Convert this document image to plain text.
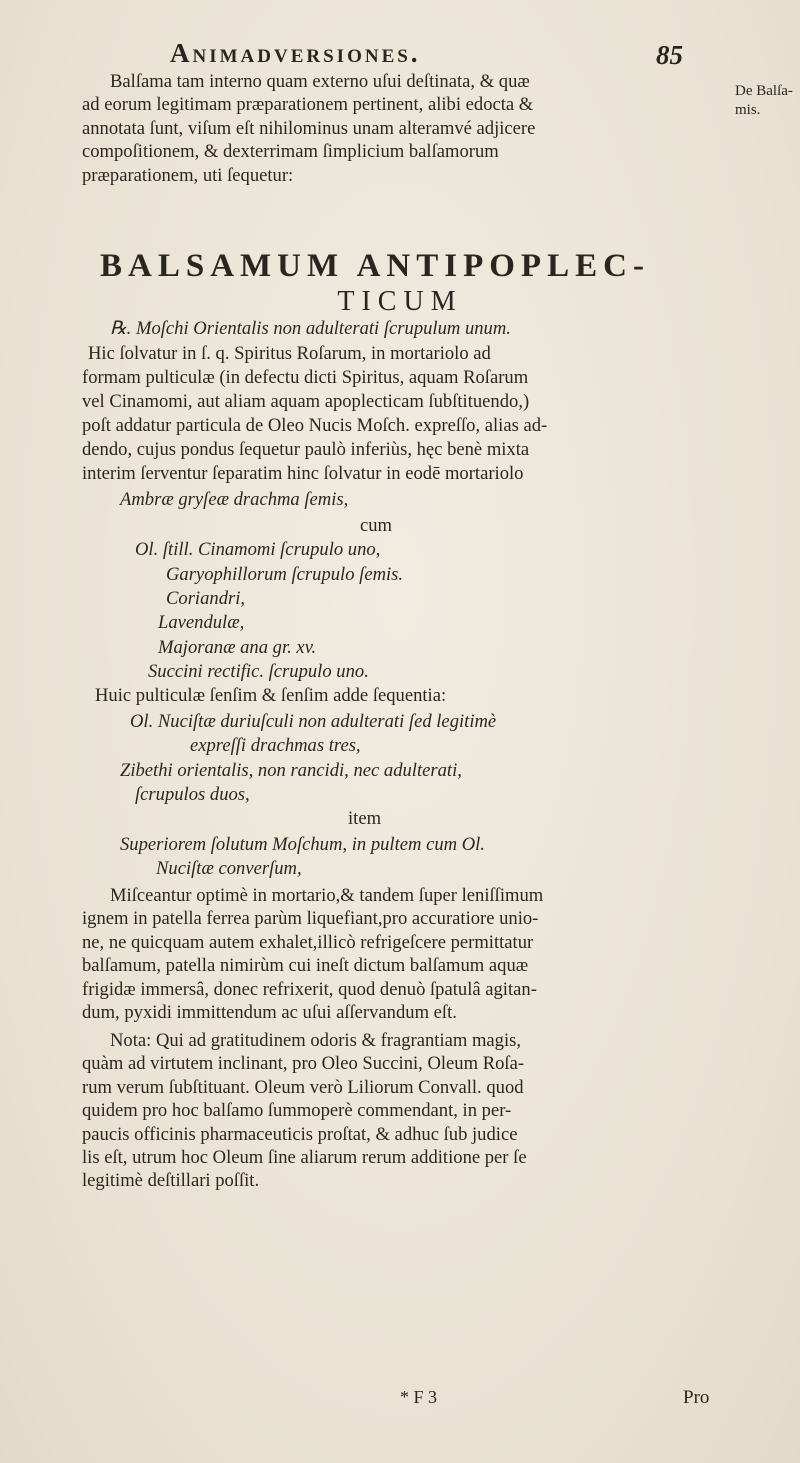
Animadversiones.	85
De Balſa-
mis.
Balſama tam interno quam externo uſui deſtinata, & quæ
ad eorum legitimam præparationem pertinent, alibi edocta &
annotata ſunt, viſum eſt nihilominus unam alteramvé adjicere
compoſitionem, & dexterrimam ſimplicium balſamorum
præparationem, uti ſequetur:
BALSAMUM ANTIPOPLEC-
TICUM
℞. Moſchi Orientalis non adulterati ſcrupulum unum.
Hic ſolvatur in ſ. q. Spiritus Roſarum, in mortariolo ad
formam pulticulæ (in defectu dicti Spiritus, aquam Roſarum
vel Cinamomi, aut aliam aquam apoplecticam ſubſtituendo,)
poſt addatur particula de Oleo Nucis Moſch. expreſſo, alias ad-
dendo, cujus pondus ſequetur paulò inferiùs, hęc benè mixta
interim ſerventur ſeparatim hinc ſolvatur in eodē mortariolo
Ambræ gryſeæ drachma ſemis,
cum
Ol. ſtill. Cinamomi ſcrupulo uno,
Garyophillorum ſcrupulo ſemis.
Coriandri,
Lavendulæ,
Majoranæ ana gr. xv.
Succini rectific. ſcrupulo uno.
Huic pulticulæ ſenſim & ſenſim adde ſequentia:
Ol. Nuciſtæ duriuſculi non adulterati ſed legitimè
expreſſi drachmas tres,
Zibethi orientalis, non rancidi, nec adulterati,
ſcrupulos duos,
item
Superiorem ſolutum Moſchum, in pultem cum Ol.
Nuciſtæ converſum,
Miſceantur optimè in mortario,& tandem ſuper leniſſimum
ignem in patella ferrea parùm liquefiant,pro accuratiore unio-
ne, ne quicquam autem exhalet,illicò refrigeſcere permittatur
balſamum, patella nimirùm cui ineſt dictum balſamum aquæ
frigidæ immersâ, donec refrixerit, quod denuò ſpatulâ agitan-
dum, pyxidi immittendum ac uſui aſſervandum eſt.
Nota: Qui ad gratitudinem odoris & fragrantiam magis,
quàm ad virtutem inclinant, pro Oleo Succini, Oleum Roſa-
rum verum ſubſtituant. Oleum verò Liliorum Convall. quod
quidem pro hoc balſamo ſummoperè commendant, in per-
paucis officinis pharmaceuticis proſtat, & adhuc ſub judice
lis eſt, utrum hoc Oleum ſine aliarum rerum additione per ſe
legitimè deſtillari poſſit.
* F 3	Pro
